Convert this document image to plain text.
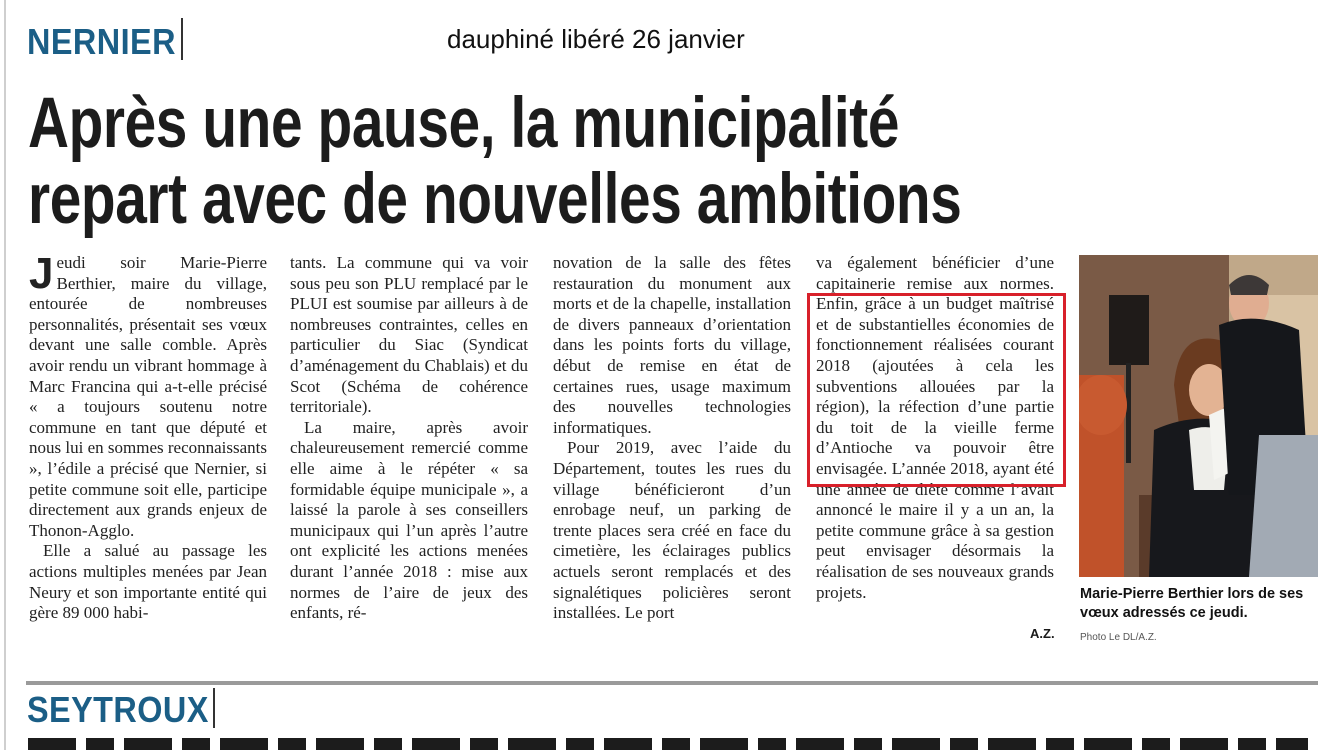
NERNIER	dauphiné libéré 26 janvier
Après une pause, la municipalité
repart avec de nouvelles ambitions

Jeudi soir Marie-Pierre Berthier, maire du village, entourée de nombreuses personnalités, présentait ses vœux devant une salle comble. Après avoir rendu un vibrant hommage à Marc Francina qui a-t-elle précisé « a toujours soutenu notre commune en tant que député et nous lui en sommes reconnaissants », l’édile a précisé que Nernier, si petite commune soit elle, participe directement aux grands enjeux de Thonon-Agglo.

Elle a salué au passage les actions multiples menées par Jean Neury et son importante entité qui gère 89 000 habi-

tants. La commune qui va voir sous peu son PLU remplacé par le PLUI est soumise par ailleurs à de nombreuses contraintes, celles en particulier du Siac (Syndicat d’aménagement du Chablais) et du Scot (Schéma de cohérence territoriale).

La maire, après avoir chaleureusement remercié comme elle aime à le répéter « sa formidable équipe municipale », a laissé la parole à ses conseillers municipaux qui l’un après l’autre ont explicité les actions menées durant l’année 2018 : mise aux normes de l’aire de jeux des enfants, ré-

novation de la salle des fêtes restauration du monument aux morts et de la chapelle, installation de divers panneaux d’orientation dans les points forts du village, début de remise en état de certaines rues, usage maximum des nouvelles technologies informatiques.

Pour 2019, avec l’aide du Département, toutes les rues du village bénéficieront d’un enrobage neuf, un parking de trente places sera créé en face du cimetière, les éclairages publics actuels seront remplacés et des signalétiques policières seront installées. Le port

va également bénéficier d’une capitainerie remise aux normes. Enfin, grâce à un budget maîtrisé et de substantielles économies de fonctionnement réalisées courant 2018 (ajoutées à cela les subventions allouées par la région), la réfection d’une partie du toit de la vieille ferme d’Antioche va pouvoir être envisagée. L’année 2018, ayant été une année de diète comme l’avait annoncé le maire il y a un an, la petite commune grâce à sa gestion peut envisager désormais la réalisation de ses nouveaux grands projets.

A.Z.
Marie-Pierre Berthier lors de ses vœux adressés ce jeudi.
Photo Le DL/A.Z.
SEYTROUX
